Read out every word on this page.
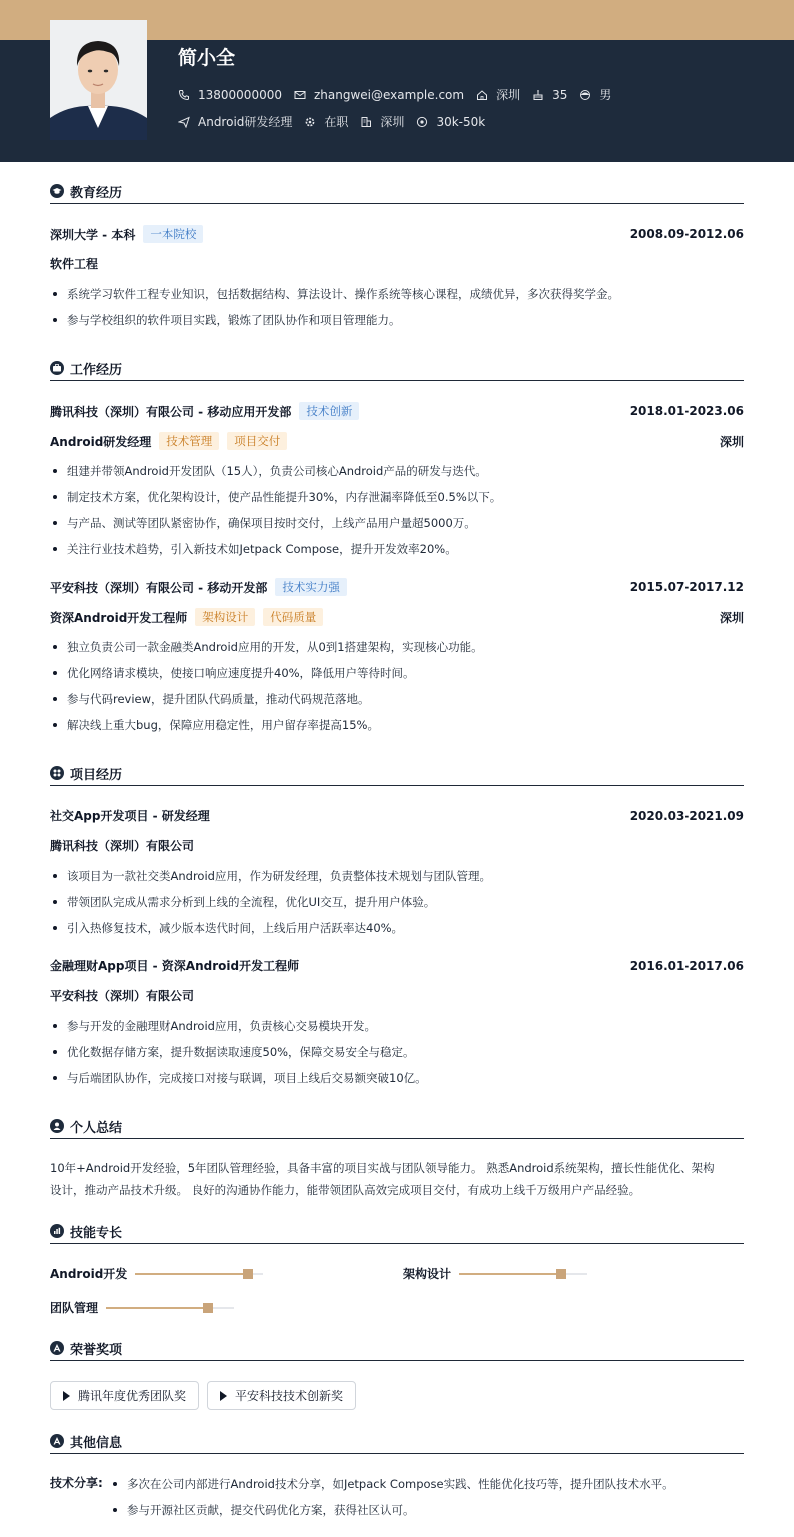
简小全
13800000000	zhangwei@example.com	深圳	35	男
Android研发经理	在职	深圳	30k-50k
教育经历
深圳大学 - 本科	一本院校	2008.09-2012.06
软件工程
系统学习软件工程专业知识，包括数据结构、算法设计、操作系统等核心课程，成绩优异，多次获得奖学金。
参与学校组织的软件项目实践，锻炼了团队协作和项目管理能力。
工作经历
腾讯科技（深圳）有限公司 - 移动应用开发部	技术创新	2018.01-2023.06
Android研发经理	技术管理	项目交付	深圳
组建并带领Android开发团队（15人），负责公司核心Android产品的研发与迭代。
制定技术方案，优化架构设计，使产品性能提升30%，内存泄漏率降低至0.5%以下。
与产品、测试等团队紧密协作，确保项目按时交付，上线产品用户量超5000万。
关注行业技术趋势，引入新技术如Jetpack Compose，提升开发效率20%。
平安科技（深圳）有限公司 - 移动开发部	技术实力强	2015.07-2017.12
资深Android开发工程师	架构设计	代码质量	深圳
独立负责公司一款金融类Android应用的开发，从0到1搭建架构，实现核心功能。
优化网络请求模块，使接口响应速度提升40%，降低用户等待时间。
参与代码review，提升团队代码质量，推动代码规范落地。
解决线上重大bug，保障应用稳定性，用户留存率提高15%。
项目经历
社交App开发项目 - 研发经理	2020.03-2021.09
腾讯科技（深圳）有限公司
该项目为一款社交类Android应用，作为研发经理，负责整体技术规划与团队管理。
带领团队完成从需求分析到上线的全流程，优化UI交互，提升用户体验。
引入热修复技术，减少版本迭代时间，上线后用户活跃率达40%。
金融理财App项目 - 资深Android开发工程师	2016.01-2017.06
平安科技（深圳）有限公司
参与开发的金融理财Android应用，负责核心交易模块开发。
优化数据存储方案，提升数据读取速度50%，保障交易安全与稳定。
与后端团队协作，完成接口对接与联调，项目上线后交易额突破10亿。
个人总结
10年+Android开发经验，5年团队管理经验，具备丰富的项目实战与团队领导能力。 熟悉Android系统架构，擅长性能优化、架构
设计，推动产品技术升级。 良好的沟通协作能力，能带领团队高效完成项目交付，有成功上线千万级用户产品经验。
技能专长
Android开发	架构设计
团队管理
荣誉奖项
腾讯年度优秀团队奖	平安科技技术创新奖
其他信息
技术分享:	多次在公司内部进行Android技术分享，如Jetpack Compose实践、性能优化技巧等，提升团队技术水平。
参与开源社区贡献，提交代码优化方案，获得社区认可。
